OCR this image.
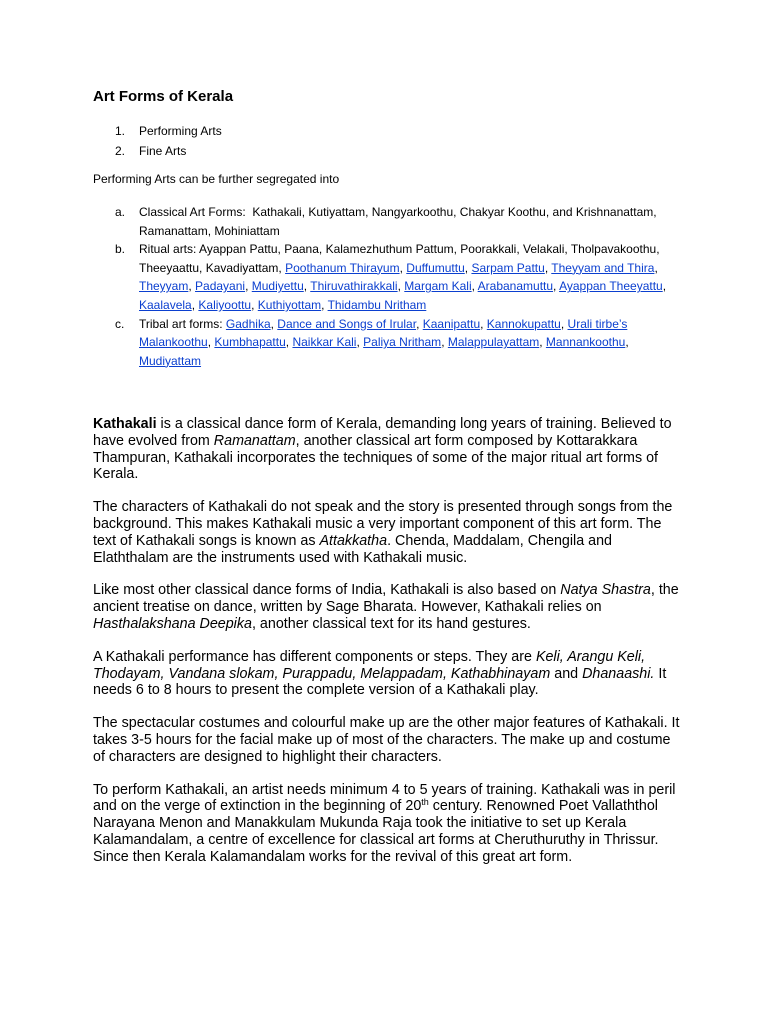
Art Forms of Kerala
1. Performing Arts
2. Fine Arts
Performing Arts can be further segregated into
a. Classical Art Forms: Kathakali, Kutiyattam, Nangyarkoothu, Chakyar Koothu, and Krishnanattam, Ramanattam, Mohiniattam
b. Ritual arts: Ayappan Pattu, Paana, Kalamezhuthum Pattum, Poorakkali, Velakali, Tholpavakoothu, Theeyaattu, Kavadiyattam, Poothanum Thirayum, Duffumuttu, Sarpam Pattu, Theyyam and Thira, Theyyam, Padayani, Mudiyettu, Thiruvathirakkali, Margam Kali, Arabanamuttu, Ayappan Theeyattu, Kaalavela, Kaliyoottu, Kuthiyottam, Thidambu Nritham
c. Tribal art forms: Gadhika, Dance and Songs of Irular, Kaanipattu, Kannokupattu, Urali tirbe’s Malankoothu, Kumbhapattu, Naikkar Kali, Paliya Nritham, Malappulayattam, Mannankoothu, Mudiyattam

Kathakali is a classical dance form of Kerala, demanding long years of training. Believed to have evolved from Ramanattam, another classical art form composed by Kottarakkara Thampuran, Kathakali incorporates the techniques of some of the major ritual art forms of Kerala.

The characters of Kathakali do not speak and the story is presented through songs from the background. This makes Kathakali music a very important component of this art form. The text of Kathakali songs is known as Attakkatha. Chenda, Maddalam, Chengila and Elaththalam are the instruments used with Kathakali music.

Like most other classical dance forms of India, Kathakali is also based on Natya Shastra, the ancient treatise on dance, written by Sage Bharata. However, Kathakali relies on Hasthalakshana Deepika, another classical text for its hand gestures.

A Kathakali performance has different components or steps. They are Keli, Arangu Keli, Thodayam, Vandana slokam, Purappadu, Melappadam, Kathabhinayam and Dhanaashi. It needs 6 to 8 hours to present the complete version of a Kathakali play.

The spectacular costumes and colourful make up are the other major features of Kathakali. It takes 3-5 hours for the facial make up of most of the characters. The make up and costume of characters are designed to highlight their characters.

To perform Kathakali, an artist needs minimum 4 to 5 years of training. Kathakali was in peril and on the verge of extinction in the beginning of 20th century. Renowned Poet Vallaththol Narayana Menon and Manakkulam Mukunda Raja took the initiative to set up Kerala Kalamandalam, a centre of excellence for classical art forms at Cheruthuruthy in Thrissur. Since then Kerala Kalamandalam works for the revival of this great art form.
